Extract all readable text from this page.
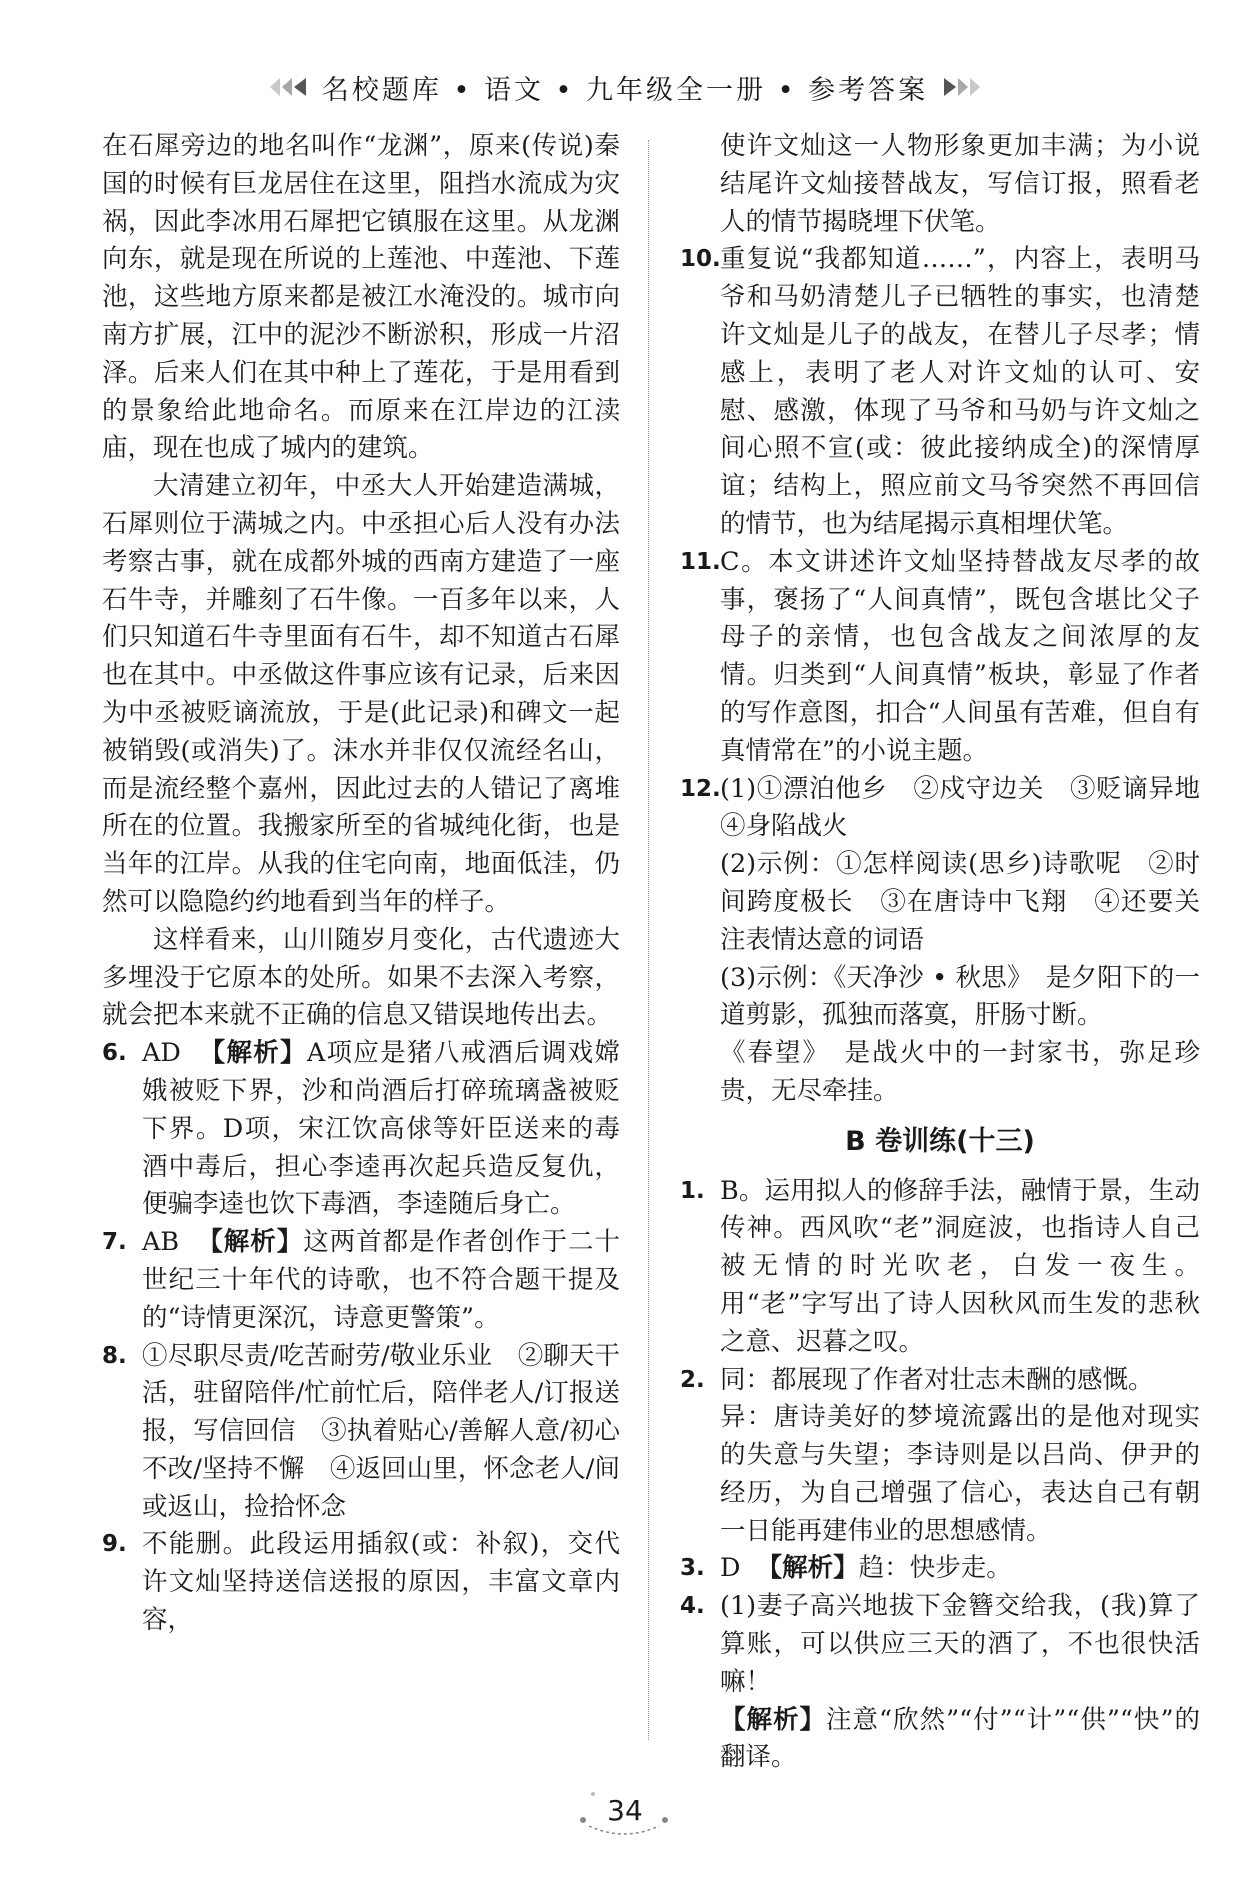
名校题库 • 语文 • 九年级全一册 • 参考答案

在石犀旁边的地名叫作“龙渊”，原来(传说)秦国的时候有巨龙居住在这里，阻挡水流成为灾祸，因此李冰用石犀把它镇服在这里。从龙渊向东，就是现在所说的上莲池、中莲池、下莲池，这些地方原来都是被江水淹没的。城市向南方扩展，江中的泥沙不断淤积，形成一片沼泽。后来人们在其中种上了莲花，于是用看到的景象给此地命名。而原来在江岸边的江渎庙，现在也成了城内的建筑。

大清建立初年，中丞大人开始建造满城，石犀则位于满城之内。中丞担心后人没有办法考察古事，就在成都外城的西南方建造了一座石牛寺，并雕刻了石牛像。一百多年以来，人们只知道石牛寺里面有石牛，却不知道古石犀也在其中。中丞做这件事应该有记录，后来因为中丞被贬谪流放，于是(此记录)和碑文一起被销毁(或消失)了。沫水并非仅仅流经名山，而是流经整个嘉州，因此过去的人错记了离堆所在的位置。我搬家所至的省城纯化街，也是当年的江岸。从我的住宅向南，地面低洼，仍然可以隐隐约约地看到当年的样子。

这样看来，山川随岁月变化，古代遗迹大多埋没于它原本的处所。如果不去深入考察，就会把本来就不正确的信息又错误地传出去。

6. AD 【解析】A项应是猪八戒酒后调戏嫦娥被贬下界，沙和尚酒后打碎琉璃盏被贬下界。D项，宋江饮高俅等奸臣送来的毒酒中毒后，担心李逵再次起兵造反复仇，便骗李逵也饮下毒酒，李逵随后身亡。
7. AB 【解析】这两首都是作者创作于二十世纪三十年代的诗歌，也不符合题干提及的“诗情更深沉，诗意更警策”。
8. ①尽职尽责/吃苦耐劳/敬业乐业　②聊天干活，驻留陪伴/忙前忙后，陪伴老人/订报送报，写信回信　③执着贴心/善解人意/初心不改/坚持不懈　④返回山里，怀念老人/间或返山，捡拾怀念
9. 不能删。此段运用插叙(或：补叙)，交代许文灿坚持送信送报的原因，丰富文章内容，

使许文灿这一人物形象更加丰满；为小说结尾许文灿接替战友，写信订报，照看老人的情节揭晓埋下伏笔。

10. 重复说“我都知道……”，内容上，表明马爷和马奶清楚儿子已牺牲的事实，也清楚许文灿是儿子的战友，在替儿子尽孝；情感上，表明了老人对许文灿的认可、安慰、感激，体现了马爷和马奶与许文灿之间心照不宣(或：彼此接纳成全)的深情厚谊；结构上，照应前文马爷突然不再回信的情节，也为结尾揭示真相埋伏笔。
11. C。本文讲述许文灿坚持替战友尽孝的故事，褒扬了“人间真情”，既包含堪比父子母子的亲情，也包含战友之间浓厚的友情。归类到“人间真情”板块，彰显了作者的写作意图，扣合“人间虽有苦难，但自有真情常在”的小说主题。
12. (1)①漂泊他乡　②戍守边关　③贬谪异地　④身陷战火
(2)示例：①怎样阅读(思乡)诗歌呢　②时间跨度极长　③在唐诗中飞翔　④还要关注表情达意的词语
(3)示例：《天净沙 • 秋思》　是夕阳下的一道剪影，孤独而落寞，肝肠寸断。
《春望》　是战火中的一封家书，弥足珍贵，无尽牵挂。
B 卷训练(十三)
1. B。运用拟人的修辞手法，融情于景，生动传神。西风吹“老”洞庭波，也指诗人自己被无情的时光吹老，白发一夜生。用“老”字写出了诗人因秋风而生发的悲秋之意、迟暮之叹。
2. 同：都展现了作者对壮志未酬的感慨。
异：唐诗美好的梦境流露出的是他对现实的失意与失望；李诗则是以吕尚、伊尹的经历，为自己增强了信心，表达自己有朝一日能再建伟业的思想感情。
3. D 【解析】趋：快步走。
4. (1)妻子高兴地拔下金簪交给我，(我)算了算账，可以供应三天的酒了，不也很快活嘛！
【解析】注意“欣然”“付”“计”“供”“快”的翻译。
34
